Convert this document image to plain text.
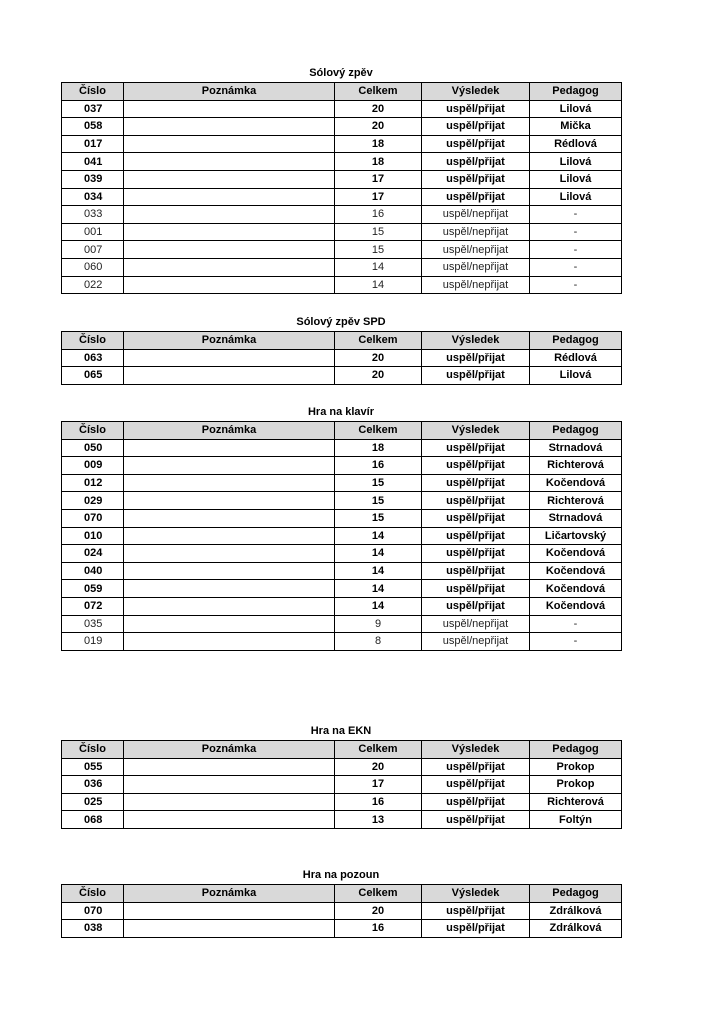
Sólový zpěv
Číslo	Poznámka	Celkem	Výsledek	Pedagog
037		20	uspěl/přijat	Lilová
058		20	uspěl/přijat	Mička
017		18	uspěl/přijat	Rédlová
041		18	uspěl/přijat	Lilová
039		17	uspěl/přijat	Lilová
034		17	uspěl/přijat	Lilová
033		16	uspěl/nepřijat	-
001		15	uspěl/nepřijat	-
007		15	uspěl/nepřijat	-
060		14	uspěl/nepřijat	-
022		14	uspěl/nepřijat	-
Sólový zpěv SPD
Číslo	Poznámka	Celkem	Výsledek	Pedagog
063		20	uspěl/přijat	Rédlová
065		20	uspěl/přijat	Lilová
Hra na klavír
Číslo	Poznámka	Celkem	Výsledek	Pedagog
050		18	uspěl/přijat	Strnadová
009		16	uspěl/přijat	Richterová
012		15	uspěl/přijat	Kočendová
029		15	uspěl/přijat	Richterová
070		15	uspěl/přijat	Strnadová
010		14	uspěl/přijat	Ličartovský
024		14	uspěl/přijat	Kočendová
040		14	uspěl/přijat	Kočendová
059		14	uspěl/přijat	Kočendová
072		14	uspěl/přijat	Kočendová
035		9	uspěl/nepřijat	-
019		8	uspěl/nepřijat	-
Hra na EKN
Číslo	Poznámka	Celkem	Výsledek	Pedagog
055		20	uspěl/přijat	Prokop
036		17	uspěl/přijat	Prokop
025		16	uspěl/přijat	Richterová
068		13	uspěl/přijat	Foltýn
Hra na pozoun
Číslo	Poznámka	Celkem	Výsledek	Pedagog
070		20	uspěl/přijat	Zdrálková
038		16	uspěl/přijat	Zdrálková
